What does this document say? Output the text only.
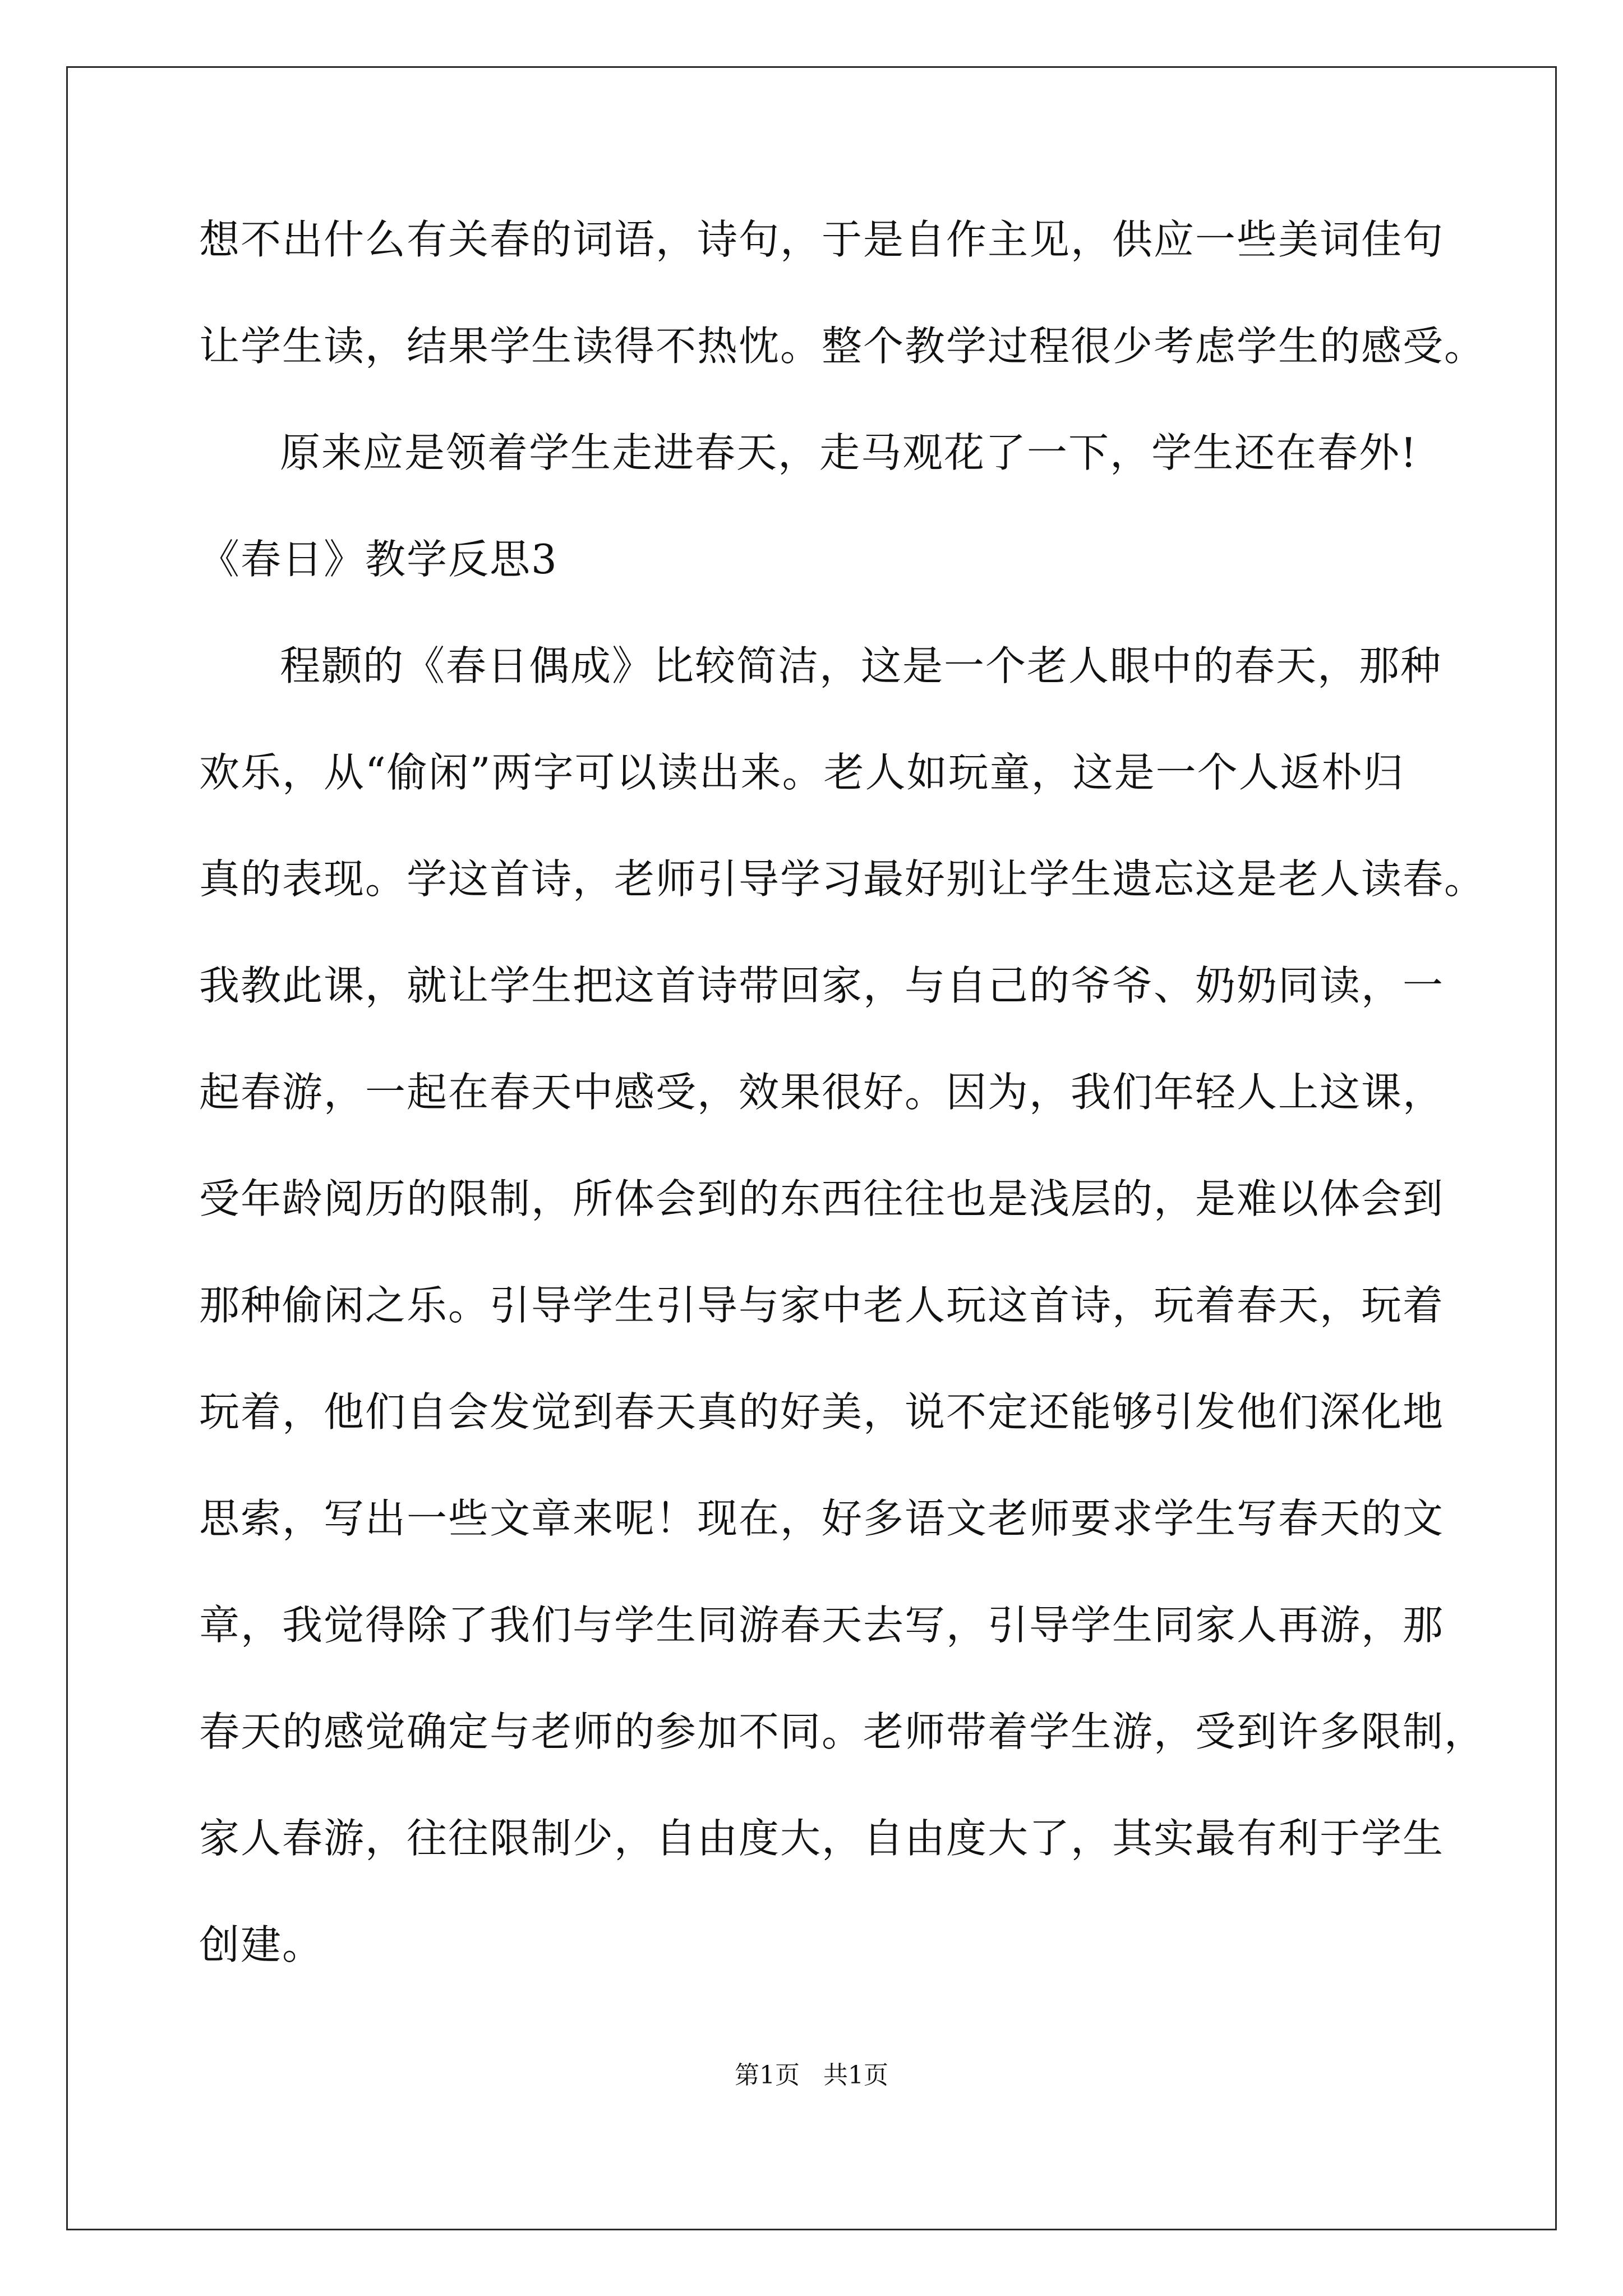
想不出什么有关春的词语，诗句，于是自作主见，供应一些美词佳句
让学生读，结果学生读得不热忱。整个教学过程很少考虑学生的感受。
原来应是领着学生走进春天，走马观花了一下，学生还在春外!
《春日》教学反思3
程颢的《春日偶成》比较简洁，这是一个老人眼中的春天，那种
欢乐，从“偷闲”两字可以读出来。老人如玩童，这是一个人返朴归
真的表现。学这首诗，老师引导学习最好别让学生遗忘这是老人读春。
我教此课，就让学生把这首诗带回家，与自己的爷爷、奶奶同读，一
起春游，一起在春天中感受，效果很好。因为，我们年轻人上这课，
受年龄阅历的限制，所体会到的东西往往也是浅层的，是难以体会到
那种偷闲之乐。引导学生引导与家中老人玩这首诗，玩着春天，玩着
玩着，他们自会发觉到春天真的好美，说不定还能够引发他们深化地
思索，写出一些文章来呢！现在，好多语文老师要求学生写春天的文
章，我觉得除了我们与学生同游春天去写，引导学生同家人再游，那
春天的感觉确定与老师的参加不同。老师带着学生游，受到许多限制，
家人春游，往往限制少，自由度大，自由度大了，其实最有利于学生
创建。
第1页   共1页
